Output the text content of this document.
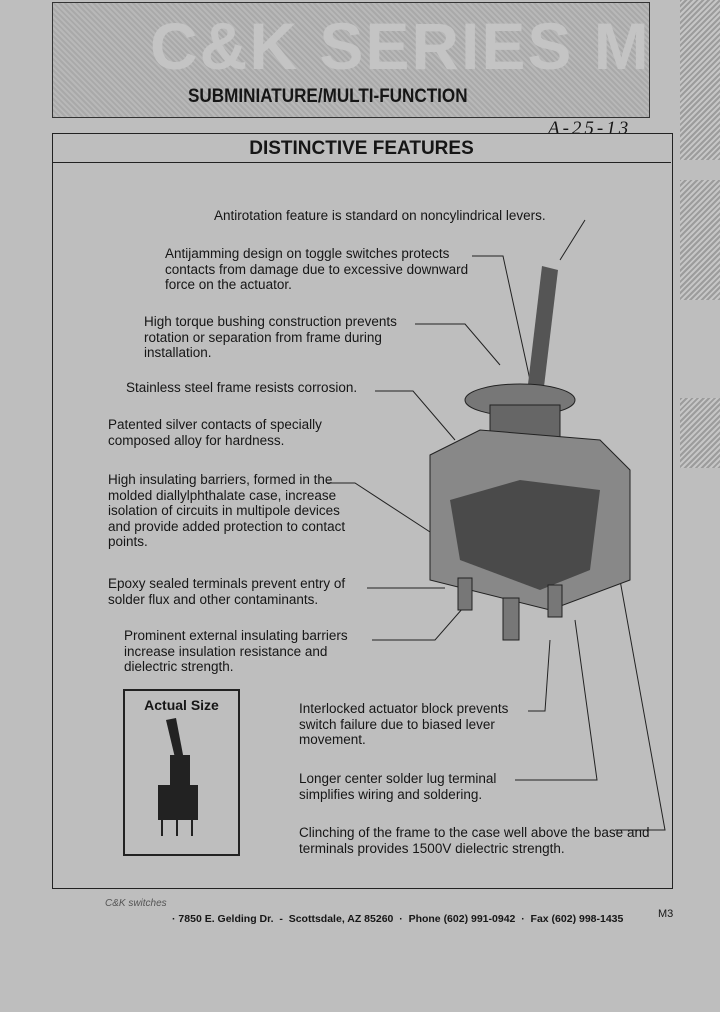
C&K SERIES M
SUBMINIATURE/MULTI-FUNCTION
A-25-13
DISTINCTIVE FEATURES
Antirotation feature is standard on noncylindrical levers.
Antijamming design on toggle switches protects contacts from damage due to excessive downward force on the actuator.
High torque bushing construction prevents rotation or separation from frame during installation.
Stainless steel frame resists corrosion.
Patented silver contacts of specially composed alloy for hardness.
High insulating barriers, formed in the molded diallylphthalate case, increase isolation of circuits in multipole devices and provide added protection to contact points.
Epoxy sealed terminals prevent entry of solder flux and other contaminants.
Prominent external insulating barriers increase insulation resistance and dielectric strength.
Interlocked actuator block prevents switch failure due to biased lever movement.
Longer center solder lug terminal simplifies wiring and soldering.
Clinching of the frame to the case well above the base and terminals provides 1500V dielectric strength.
Actual Size
C&K switches
· 7850 E. Gelding Dr.  -  Scottsdale, AZ 85260  ·  Phone (602) 991-0942  ·  Fax (602) 998-1435	M3
